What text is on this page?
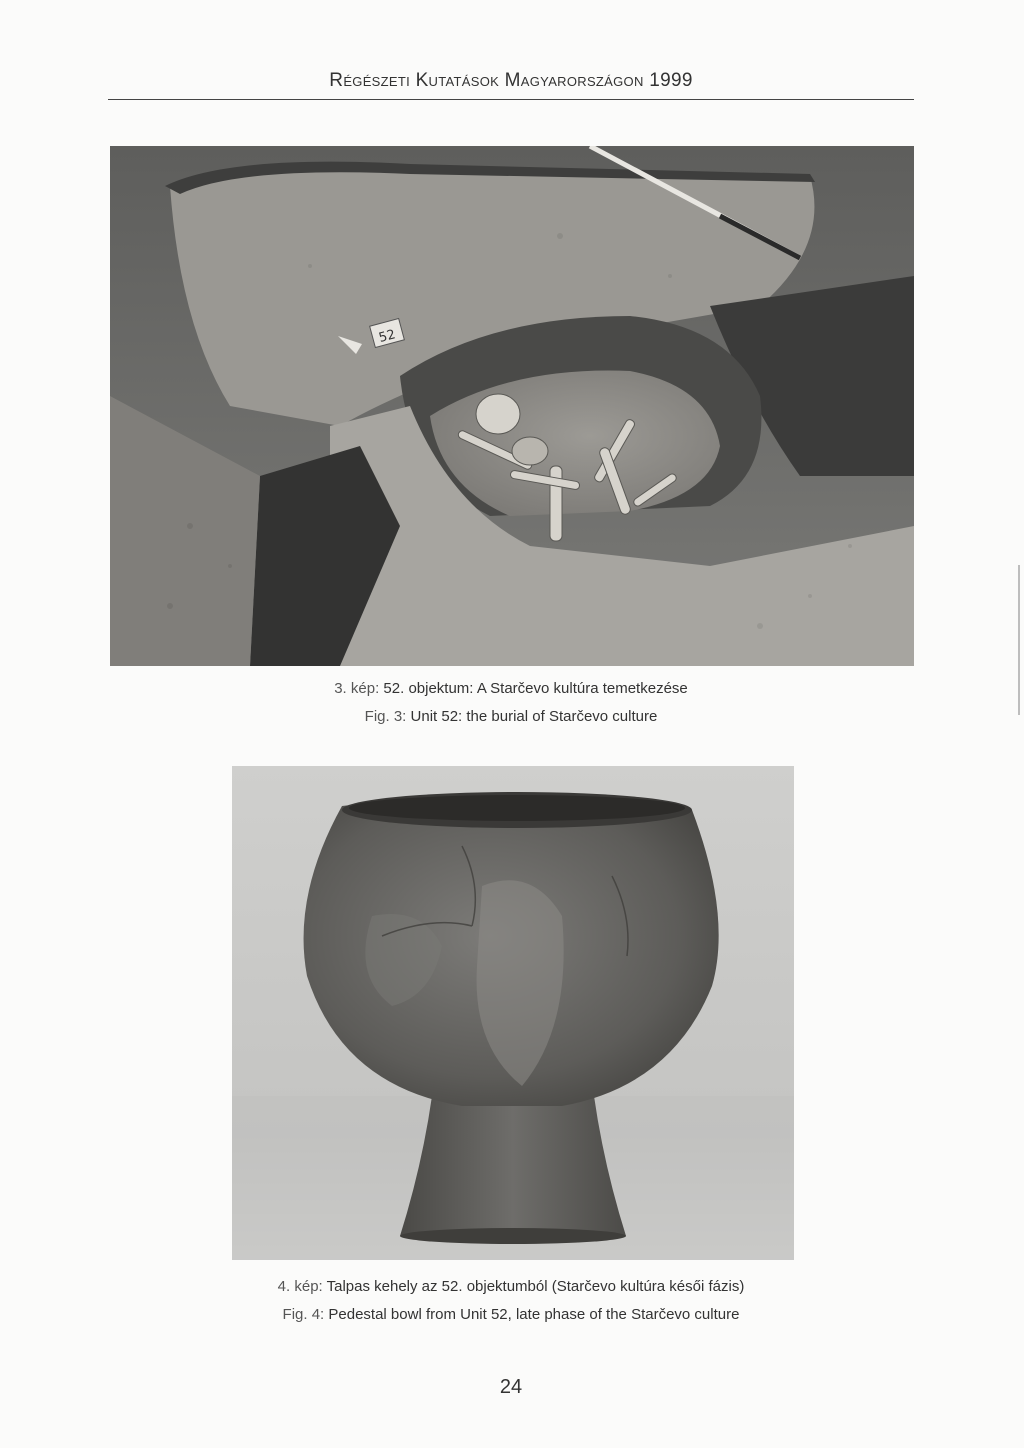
Régészeti Kutatások Magyarországon 1999
52
3. kép: 52. objektum: A Starčevo kultúra temetkezése
Fig. 3: Unit 52: the burial of Starčevo culture
4. kép: Talpas kehely az 52. objektumból (Starčevo kultúra késői fázis)
Fig. 4: Pedestal bowl from Unit 52, late phase of the Starčevo culture
24
